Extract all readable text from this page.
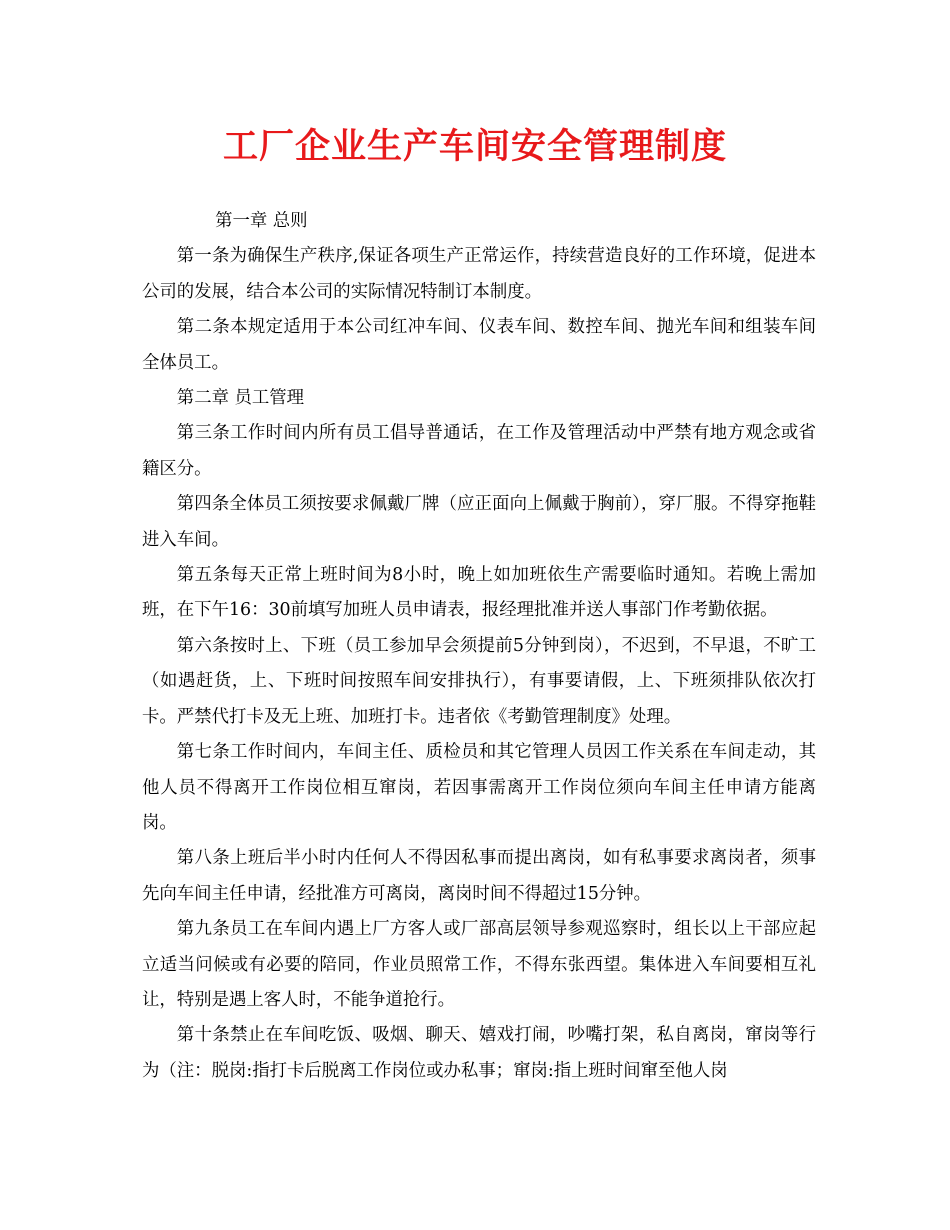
工厂企业生产车间安全管理制度

第一章 总则

第一条为确保生产秩序,保证各项生产正常运作，持续营造良好的工作环境，促进本公司的发展，结合本公司的实际情况特制订本制度。

第二条本规定适用于本公司红冲车间、仪表车间、数控车间、抛光车间和组装车间全体员工。

第二章 员工管理

第三条工作时间内所有员工倡导普通话，在工作及管理活动中严禁有地方观念或省籍区分。

第四条全体员工须按要求佩戴厂牌（应正面向上佩戴于胸前），穿厂服。不得穿拖鞋进入车间。

第五条每天正常上班时间为8小时，晚上如加班依生产需要临时通知。若晚上需加班，在下午16：30前填写加班人员申请表，报经理批准并送人事部门作考勤依据。

第六条按时上、下班（员工参加早会须提前5分钟到岗），不迟到，不早退，不旷工（如遇赶货，上、下班时间按照车间安排执行），有事要请假，上、下班须排队依次打卡。严禁代打卡及无上班、加班打卡。违者依《考勤管理制度》处理。

第七条工作时间内，车间主任、质检员和其它管理人员因工作关系在车间走动，其他人员不得离开工作岗位相互窜岗，若因事需离开工作岗位须向车间主任申请方能离岗。

第八条上班后半小时内任何人不得因私事而提出离岗，如有私事要求离岗者，须事先向车间主任申请，经批准方可离岗，离岗时间不得超过15分钟。

第九条员工在车间内遇上厂方客人或厂部高层领导参观巡察时，组长以上干部应起立适当问候或有必要的陪同，作业员照常工作，不得东张西望。集体进入车间要相互礼让，特别是遇上客人时，不能争道抢行。

第十条禁止在车间吃饭、吸烟、聊天、嬉戏打闹，吵嘴打架，私自离岗，窜岗等行为（注：脱岗:指打卡后脱离工作岗位或办私事；窜岗:指上班时间窜至他人岗
